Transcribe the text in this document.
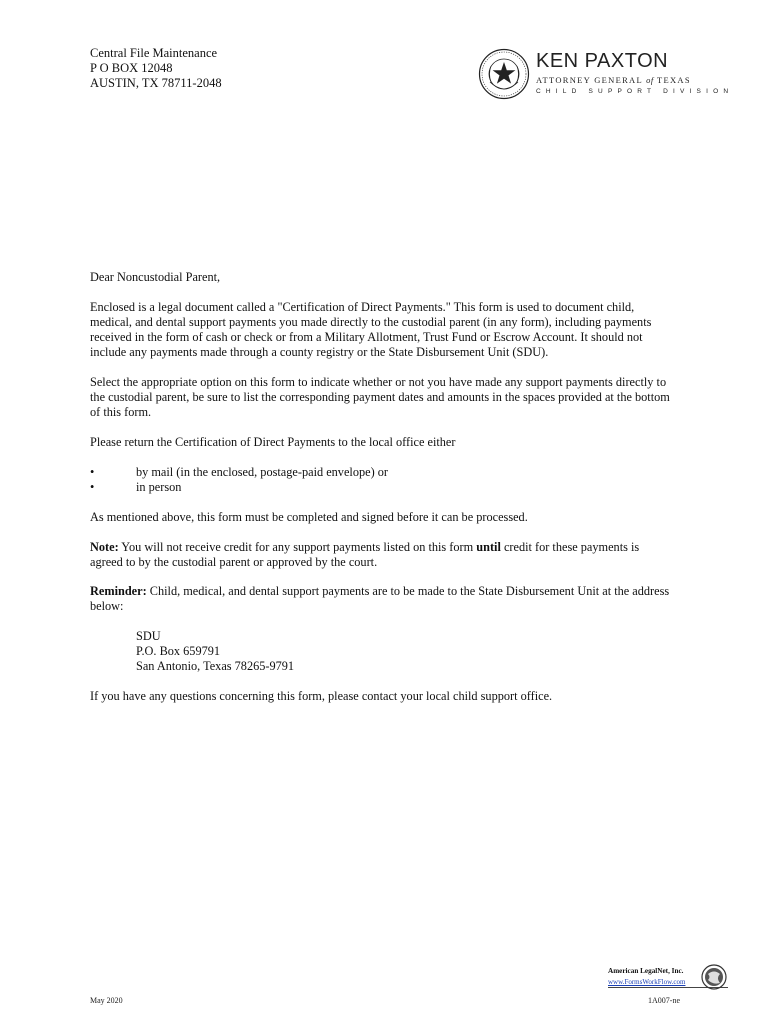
Central File Maintenance
P O BOX 12048
AUSTIN, TX 78711-2048
KEN PAXTON
ATTORNEY GENERAL of TEXAS
CHILD SUPPORT DIVISION

Dear Noncustodial Parent,

Enclosed is a legal document called a "Certification of Direct Payments." This form is used to document child, medical, and dental support payments you made directly to the custodial parent (in any form), including payments received in the form of cash or check or from a Military Allotment, Trust Fund or Escrow Account. It should not include any payments made through a county registry or the State Disbursement Unit (SDU).

Select the appropriate option on this form to indicate whether or not you have made any support payments directly to the custodial parent, be sure to list the corresponding payment dates and amounts in the spaces provided at the bottom of this form.

Please return the Certification of Direct Payments to the local office either

•	by mail (in the enclosed, postage-paid envelope) or
•	in person

As mentioned above, this form must be completed and signed before it can be processed.

Note: You will not receive credit for any support payments listed on this form until credit for these payments is agreed to by the custodial parent or approved by the court.

Reminder: Child, medical, and dental support payments are to be made to the State Disbursement Unit at the address below:

SDU
P.O. Box 659791
San Antonio, Texas 78265-9791

If you have any questions concerning this form, please contact your local child support office.

American LegalNet, Inc.
www.FormsWorkFlow.com
May 2020	1A007-ne
